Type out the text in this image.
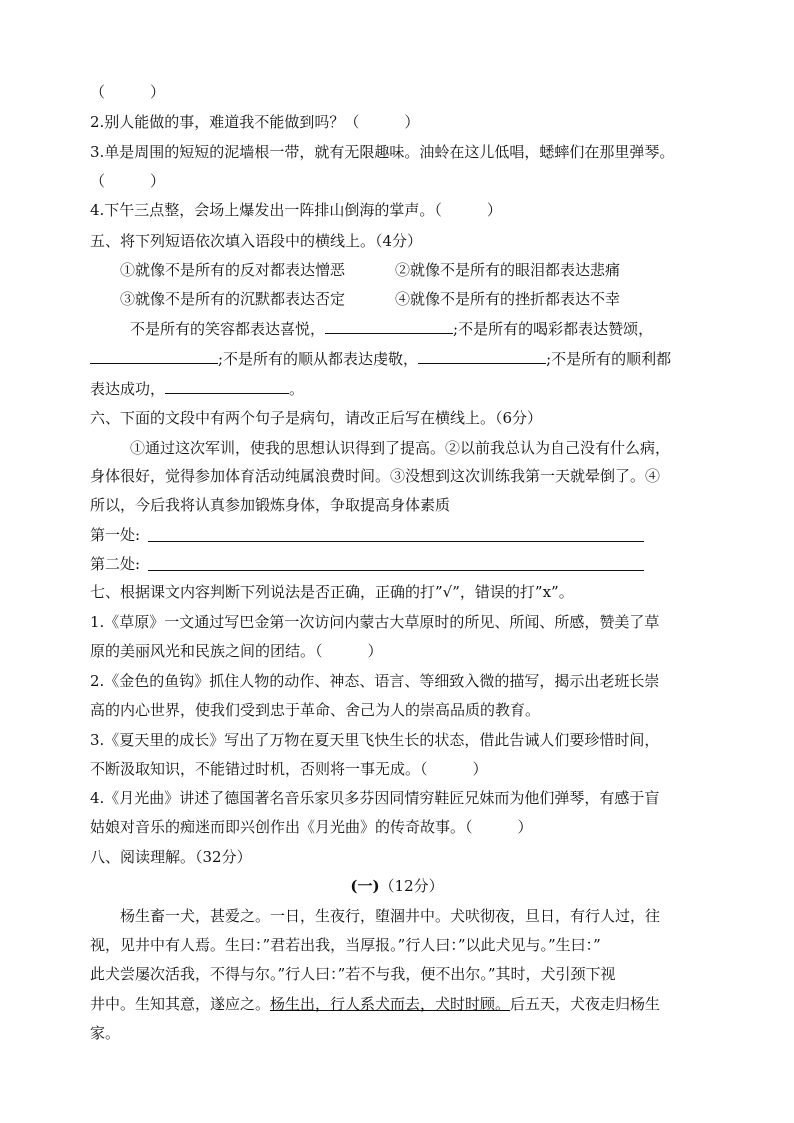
（　　　）
2.别人能做的事，难道我不能做到吗？（　　　）
3.单是周围的短短的泥墙根一带，就有无限趣味。油蛉在这儿低唱，蟋蟀们在那里弹琴。
（　　　）
4.下午三点整，会场上爆发出一阵排山倒海的掌声。（　　　）
五、将下列短语依次填入语段中的横线上。（4分）
①就像不是所有的反对都表达憎恶	②就像不是所有的眼泪都表达悲痛
③就像不是所有的沉默都表达否定	④就像不是所有的挫折都表达不幸
不是所有的笑容都表达喜悦，	;不是所有的喝彩都表达赞颂，
;不是所有的顺从都表达虔敬，	;不是所有的顺利都
表达成功，	。
六、下面的文段中有两个句子是病句，请改正后写在横线上。（6分）
①通过这次军训，使我的思想认识得到了提高。②以前我总认为自己没有什么病，
身体很好，觉得参加体育活动纯属浪费时间。③没想到这次训练我第一天就晕倒了。④
所以，今后我将认真参加锻炼身体，争取提高身体素质
第一处:
第二处:
七、根据课文内容判断下列说法是否正确，正确的打”√”，错误的打”x”。
1.《草原》一文通过写巴金第一次访问内蒙古大草原时的所见、所闻、所感，赞美了草
原的美丽风光和民族之间的团结。（　　　）
2.《金色的鱼钩》抓住人物的动作、神态、语言、等细致入微的描写，揭示出老班长崇
高的内心世界，使我们受到忠于革命、舍己为人的崇高品质的教育。
3.《夏天里的成长》写出了万物在夏天里飞快生长的状态，借此告诫人们要珍惜时间，
不断汲取知识，不能错过时机，否则将一事无成。（　　　）
4.《月光曲》讲述了德国著名音乐家贝多芬因同情穷鞋匠兄妹而为他们弹琴，有感于盲
姑娘对音乐的痴迷而即兴创作出《月光曲》的传奇故事。（　　　）
八、阅读理解。（32分）
(一)（12分）
杨生畜一犬，甚爱之。一日，生夜行，堕涸井中。犬吠彻夜，旦日，有行人过，往
视，见井中有人焉。生曰：”君若出我，当厚报。”行人曰：”以此犬见与。”生曰：”
此犬尝屡次活我，不得与尔。”行人曰：”若不与我，便不出尔。”其时，犬引颈下视
井中。生知其意，遂应之。杨生出，行人系犬而去，犬时时顾。后五天，犬夜走归杨生
家。
